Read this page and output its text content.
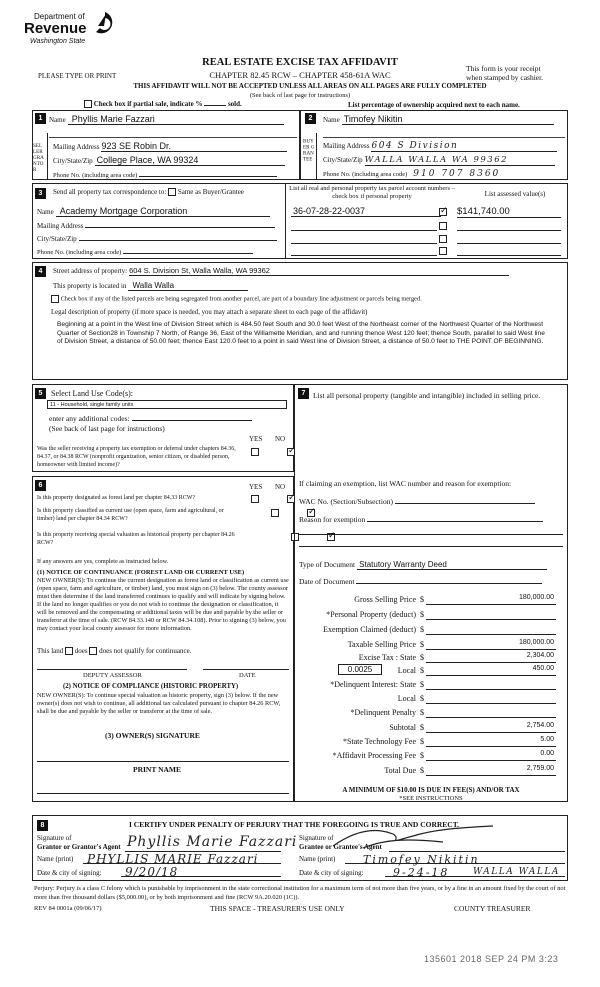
Department of
Revenue
Washington State
PLEASE TYPE OR PRINT
REAL ESTATE EXCISE TAX AFFIDAVIT
CHAPTER 82.45 RCW – CHAPTER 458-61A WAC
This form is your receipt
when stamped by cashier.
THIS AFFIDAVIT WILL NOT BE ACCEPTED UNLESS ALL AREAS ON ALL PAGES ARE FULLY COMPLETED
(See back of last page for instructions)
Check box if partial sale, indicate %	sold.	List percentage of ownership acquired next to each name.
1
SELLER GRANTOR
Name Phyllis Marie Fazzari
Mailing Address 923 SE Robin Dr.
City/State/Zip College Place, WA 99324
Phone No. (including area code)
2
BUYER GRANTEE
Name Timofey Nikitin
Mailing Address 604 S Division
City/State/Zip WALLA WALLA WA 99362
Phone No. (including area code) 910 707 8360
3	Send all property tax correspondence to: Same as Buyer/Grantee
Name Academy Mortgage Corporation
Mailing Address
City/State/Zip
Phone No. (including area code)
List all real and personal property tax parcel account numbers – check box if personal property	List assessed value(s)
36-07-28-22-0037
✓	$141,740.00
4	Street address of property: 604 S. Division St, Walla Walla, WA 99362
This property is located in Walla Walla
Check box if any of the listed parcels are being segregated from another parcel, are part of a boundary line adjustment or parcels being merged.
Legal description of property (if more space is needed, you may attach a separate sheet to each page of the affidavit)
Beginning at a point in the West line of Division Street which is 484.50 feet South and 30.0 feet West of the Northeast corner of the Northwest Quarter of the Northwest Quarter of Section28 in Township 7 North, of Range 36, East of the Willamette Meridian, and and running thence West 120 feet; thence South, parallel to said West line of Division Street, a distance of 50.00 feet; thence East 120.0 feet to a point in said West line of Division Street, a distance of 50.0 feet to THE POINT OF BEGINNING.
5	Select Land Use Code(s):
11 - Household, single family units
enter any additional codes:
(See back of last page for instructions)
YES NO
Was the seller receiving a property tax exemption or deferral under chapters 84.36, 84.37, or 84.38 RCW (nonprofit organization, senior citizen, or disabled person, homeowner with limited income)?
✓
6	YES NO
Is this property designated as forest land per chapter 84.33 RCW?
✓
Is this property classified as current use (open space, farm and agricultural, or timber) land per chapter 84.34 RCW?
✓
Is this property receiving special valuation as historical property per chapter 84.26 RCW?
✓
If any answers are yes, complete as instructed below.
(1) NOTICE OF CONTINUANCE (FOREST LAND OR CURRENT USE)
NEW OWNER(S): To continue the current designation as forest land or classification as current use (open space, farm and agriculture, or timber) land, you must sign on (3) below. The county assessor must then determine if the land transferred continues to qualify and will indicate by signing below. If the land no longer qualifies or you do not wish to continue the designation or classification, it will be removed and the compensating or additional taxes will be due and payable by the seller or transferor at the time of sale. (RCW 84.33.140 or RCW 84.34.108). Prior to signing (3) below, you may contact your local county assessor for more information.
This land does does not qualify for continuance.
DEPUTY ASSESSOR	DATE
(2) NOTICE OF COMPLIANCE (HISTORIC PROPERTY)
NEW OWNER(S): To continue special valuation as historic property, sign (3) below. If the new owner(s) does not wish to continue, all additional tax calculated pursuant to chapter 84.26 RCW, shall be due and payable by the seller or transferor at the time of sale.
(3) OWNER(S) SIGNATURE
PRINT NAME
7	List all personal property (tangible and intangible) included in selling price.
If claiming an exemption, list WAC number and reason for exemption:
WAC No. (Section/Subsection)
Reason for exemption
Type of Document Statutory Warranty Deed
Date of Document
Gross Selling Price $	180,000.00
*Personal Property (deduct) $
Exemption Claimed (deduct) $
Taxable Selling Price $	180,000.00
Excise Tax : State $	2,304.00
0.0025	Local $	450.00
*Delinquent Interest: State $
Local $
*Delinquent Penalty $
Subtotal $	2,754.00
*State Technology Fee $	5.00
*Affidavit Processing Fee $	0.00
Total Due $	2,759.00
A MINIMUM OF $10.00 IS DUE IN FEE(S) AND/OR TAX
*SEE INSTRUCTIONS
8	I CERTIFY UNDER PENALTY OF PERJURY THAT THE FOREGOING IS TRUE AND CORRECT.
Signature of
Grantor or Grantor's Agent Phyllis Marie Fazzari
Name (print) PHYLLIS MARIE Fazzari
Date & city of signing: 9/20/18
Signature of
Grantee or Grantee's Agent
Name (print)	Timofey Nikitin
Date & city of signing:	9-24-18	WALLA WALLA
Perjury: Perjury is a class C felony which is punishable by imprisonment in the state correctional institution for a maximum term of not more than five years, or by a fine in an amount fixed by the court of not more than five thousand dollars ($5,000.00), or by both imprisonment and fine (RCW 9A.20.020 (1C)).
REV 84 0001a (09/06/17)	THIS SPACE - TREASURER'S USE ONLY	COUNTY TREASURER
135601 2018 SEP 24 PM 3:23
